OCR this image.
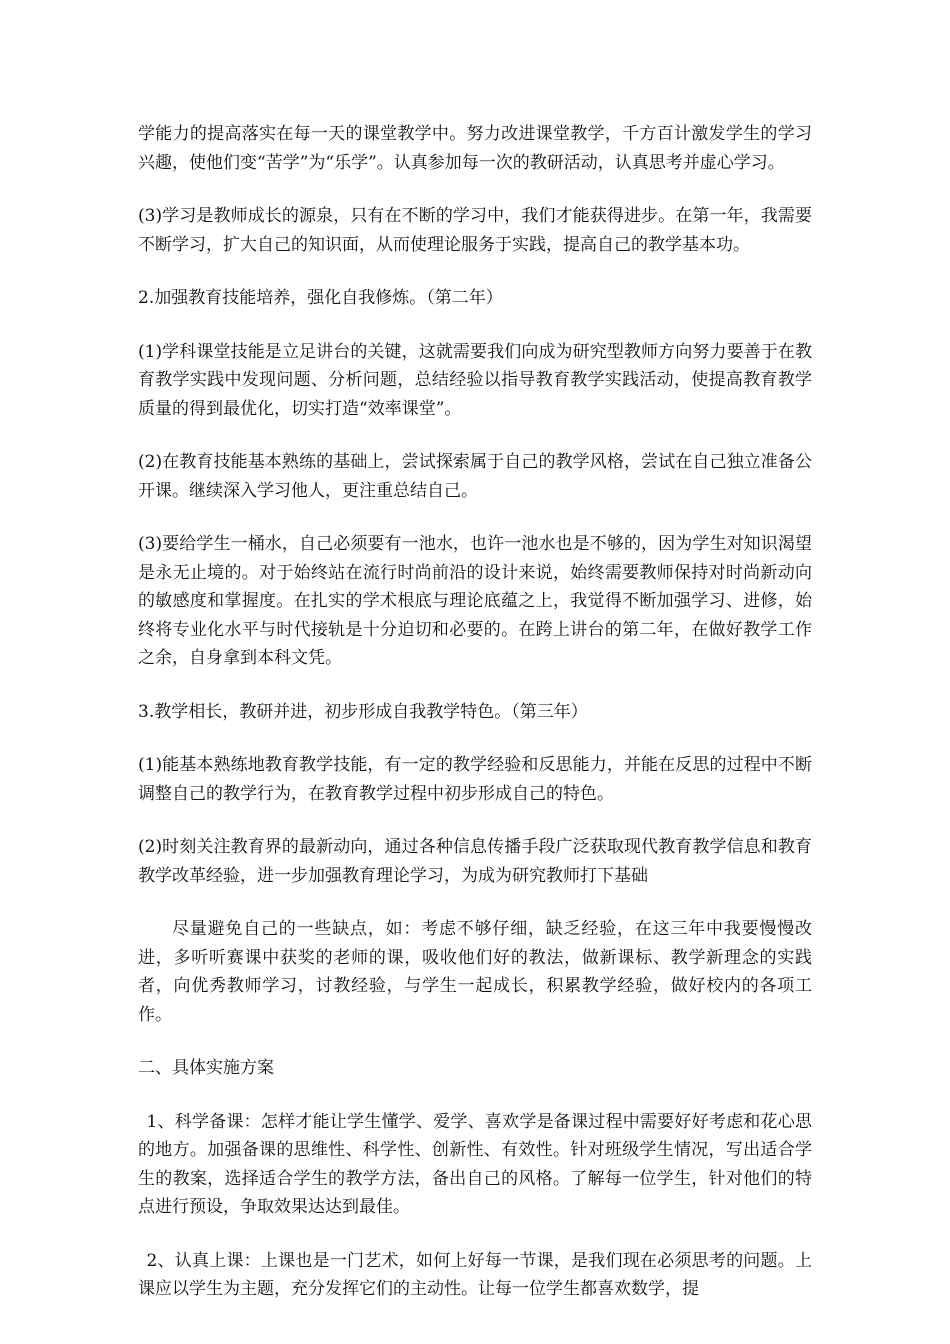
学能力的提高落实在每一天的课堂教学中。努力改进课堂教学，千方百计激发学生的学习兴趣，使他们变“苦学”为“乐学”。认真参加每一次的教研活动，认真思考并虚心学习。

(3)学习是教师成长的源泉，只有在不断的学习中，我们才能获得进步。在第一年，我需要不断学习，扩大自己的知识面，从而使理论服务于实践，提高自己的教学基本功。

2.加强教育技能培养，强化自我修炼。（第二年）

(1)学科课堂技能是立足讲台的关键，这就需要我们向成为研究型教师方向努力要善于在教育教学实践中发现问题、分析问题，总结经验以指导教育教学实践活动，使提高教育教学质量的得到最优化，切实打造“效率课堂”。

(2)在教育技能基本熟练的基础上，尝试探索属于自己的教学风格，尝试在自己独立准备公开课。继续深入学习他人，更注重总结自己。

(3)要给学生一桶水，自己必须要有一池水，也许一池水也是不够的，因为学生对知识渴望是永无止境的。对于始终站在流行时尚前沿的设计来说，始终需要教师保持对时尚新动向的敏感度和掌握度。在扎实的学术根底与理论底蕴之上，我觉得不断加强学习、进修，始终将专业化水平与时代接轨是十分迫切和必要的。在跨上讲台的第二年，在做好教学工作之余，自身拿到本科文凭。

3.教学相长，教研并进，初步形成自我教学特色。（第三年）

(1)能基本熟练地教育教学技能，有一定的教学经验和反思能力，并能在反思的过程中不断调整自己的教学行为，在教育教学过程中初步形成自己的特色。

(2)时刻关注教育界的最新动向，通过各种信息传播手段广泛获取现代教育教学信息和教育教学改革经验，进一步加强教育理论学习，为成为研究教师打下基础

尽量避免自己的一些缺点，如：考虑不够仔细，缺乏经验，在这三年中我要慢慢改进，多听听赛课中获奖的老师的课，吸收他们好的教法，做新课标、教学新理念的实践者，向优秀教师学习，讨教经验，与学生一起成长，积累教学经验，做好校内的各项工作。

二、具体实施方案

1、科学备课：怎样才能让学生懂学、爱学、喜欢学是备课过程中需要好好考虑和花心思的地方。加强备课的思维性、科学性、创新性、有效性。针对班级学生情况，写出适合学生的教案，选择适合学生的教学方法，备出自己的风格。了解每一位学生，针对他们的特点进行预设，争取效果达达到最佳。

2、认真上课：上课也是一门艺术，如何上好每一节课，是我们现在必须思考的问题。上课应以学生为主题，充分发挥它们的主动性。让每一位学生都喜欢数学，提
